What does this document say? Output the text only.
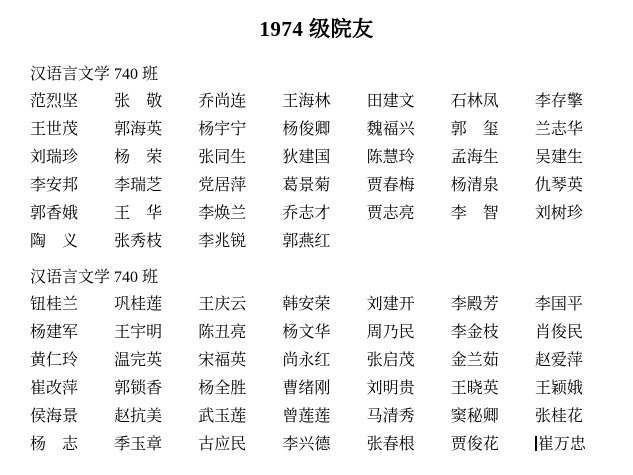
1974 级院友
汉语言文学 740 班
范烈坚	张　敬	乔尚连	王海林	田建文	石林凤	李存擎
王世茂	郭海英	杨宇宁	杨俊卿	魏福兴	郭　玺	兰志华
刘瑞珍	杨　荣	张同生	狄建国	陈慧玲	孟海生	吴建生
李安邦	李瑞芝	党居萍	葛景菊	贾春梅	杨清泉	仇琴英
郭香娥	王　华	李焕兰	乔志才	贾志亮	李　智	刘树珍
陶　义	张秀枝	李兆锐	郭燕红
汉语言文学 740 班
钮桂兰	巩桂莲	王庆云	韩安荣	刘建开	李殿芳	李国平
杨建军	王宇明	陈丑亮	杨文华	周乃民	李金枝	肖俊民
黄仁玲	温完英	宋福英	尚永红	张启茂	金兰茹	赵爱萍
崔改萍	郭锁香	杨全胜	曹绪刚	刘明贵	王晓英	王颖娥
侯海景	赵抗美	武玉莲	曾莲莲	马清秀	窦秘卿	张桂花
杨　志	季玉章	古应民	李兴德	张春根	贾俊花	崔万忠
